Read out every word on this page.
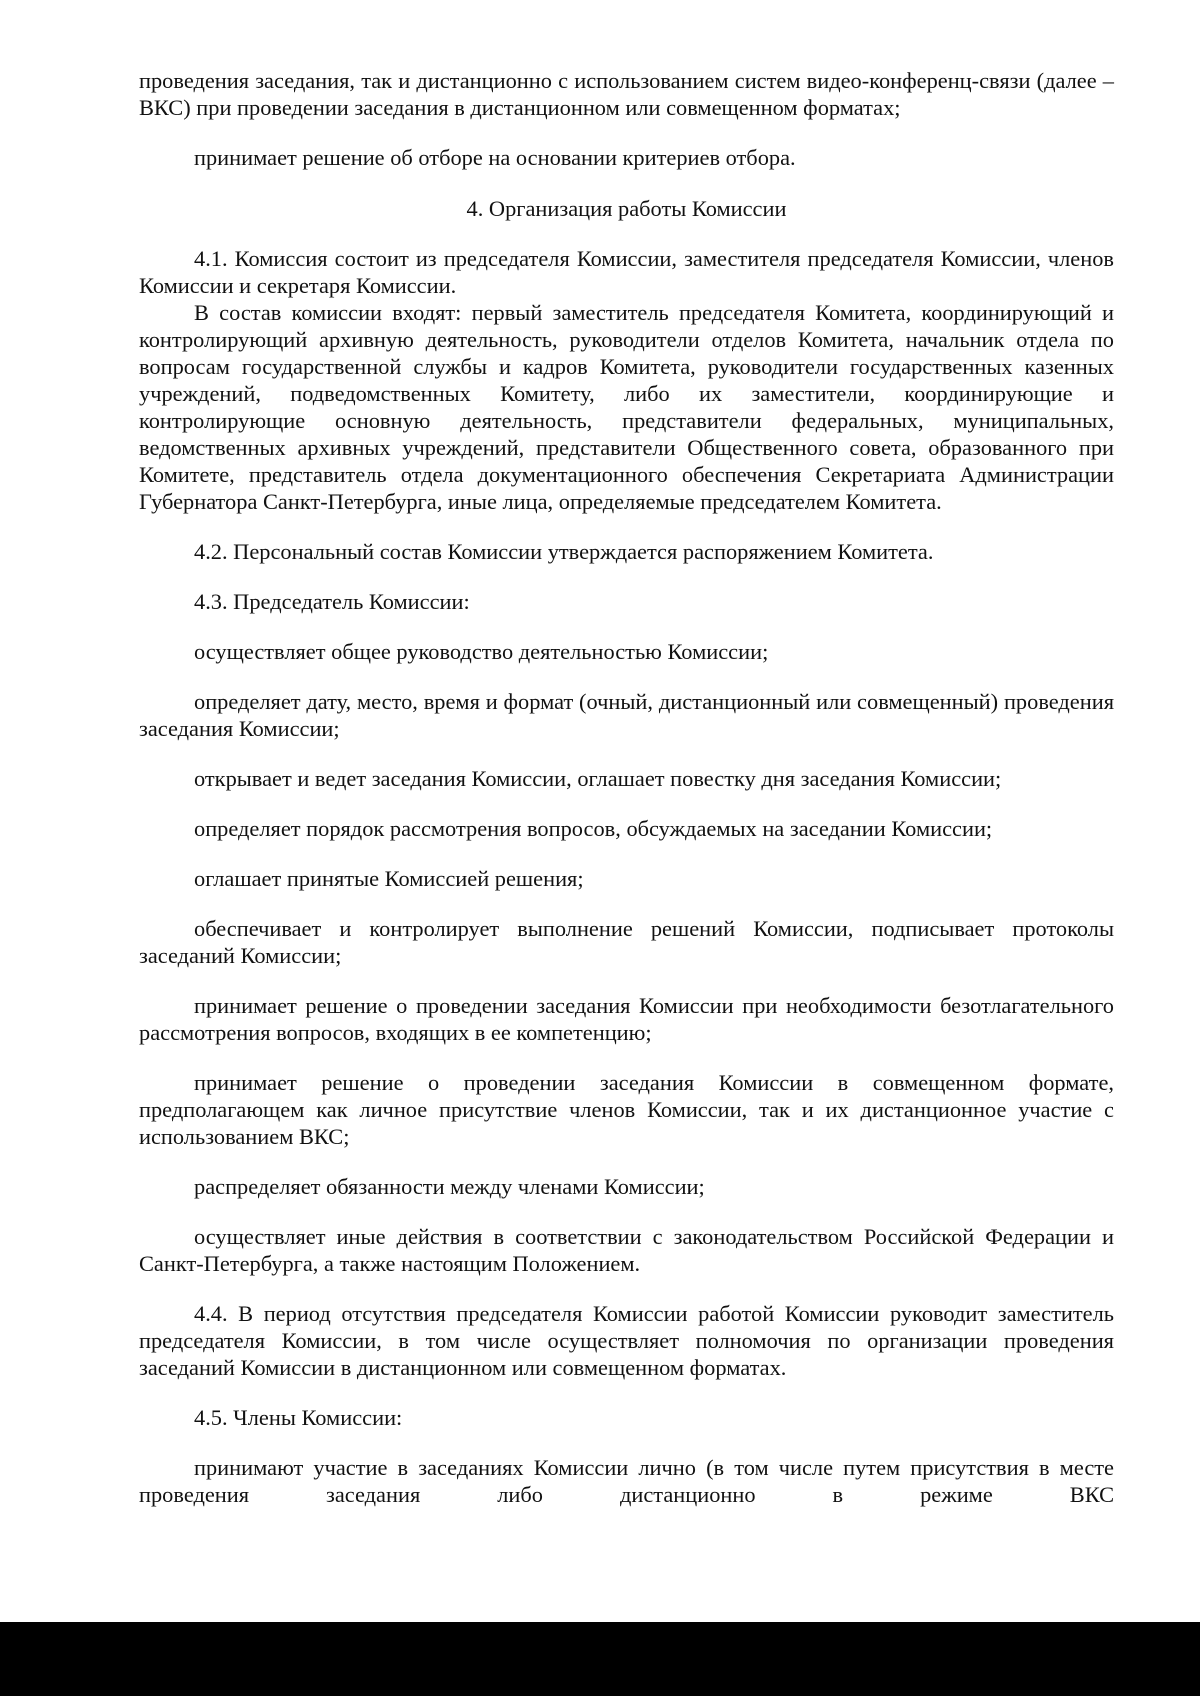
проведения заседания, так и дистанционно с использованием систем видео-конференц-связи (далее – ВКС) при проведении заседания в дистанционном или совмещенном форматах;

принимает решение об отборе на основании критериев отбора.

4. Организация работы Комиссии

4.1. Комиссия состоит из председателя Комиссии, заместителя председателя Комиссии, членов Комиссии и секретаря Комиссии.

В состав комиссии входят: первый заместитель председателя Комитета, координирующий и контролирующий архивную деятельность, руководители отделов Комитета, начальник отдела по вопросам государственной службы и кадров Комитета, руководители государственных казенных учреждений, подведомственных Комитету, либо их заместители, координирующие и контролирующие основную деятельность, представители федеральных, муниципальных, ведомственных архивных учреждений, представители Общественного совета, образованного при Комитете, представитель отдела документационного обеспечения Секретариата Администрации Губернатора Санкт-Петербурга, иные лица, определяемые председателем Комитета.

4.2. Персональный состав Комиссии утверждается распоряжением Комитета.

4.3. Председатель Комиссии:

осуществляет общее руководство деятельностью Комиссии;

определяет дату, место, время и формат (очный, дистанционный или совмещенный) проведения заседания Комиссии;

открывает и ведет заседания Комиссии, оглашает повестку дня заседания Комиссии;

определяет порядок рассмотрения вопросов, обсуждаемых на заседании Комиссии;

оглашает принятые Комиссией решения;

обеспечивает и контролирует выполнение решений Комиссии, подписывает протоколы заседаний Комиссии;

принимает решение о проведении заседания Комиссии при необходимости безотлагательного рассмотрения вопросов, входящих в ее компетенцию;

принимает решение о проведении заседания Комиссии в совмещенном формате, предполагающем как личное присутствие членов Комиссии, так и их дистанционное участие с использованием ВКС;

распределяет обязанности между членами Комиссии;

осуществляет иные действия в соответствии с законодательством Российской Федерации и Санкт-Петербурга, а также настоящим Положением.

4.4. В период отсутствия председателя Комиссии работой Комиссии руководит заместитель председателя Комиссии, в том числе осуществляет полномочия по организации проведения заседаний Комиссии в дистанционном или совмещенном форматах.

4.5. Члены Комиссии:

принимают участие в заседаниях Комиссии лично (в том числе путем присутствия в месте проведения заседания либо дистанционно в режиме ВКС
